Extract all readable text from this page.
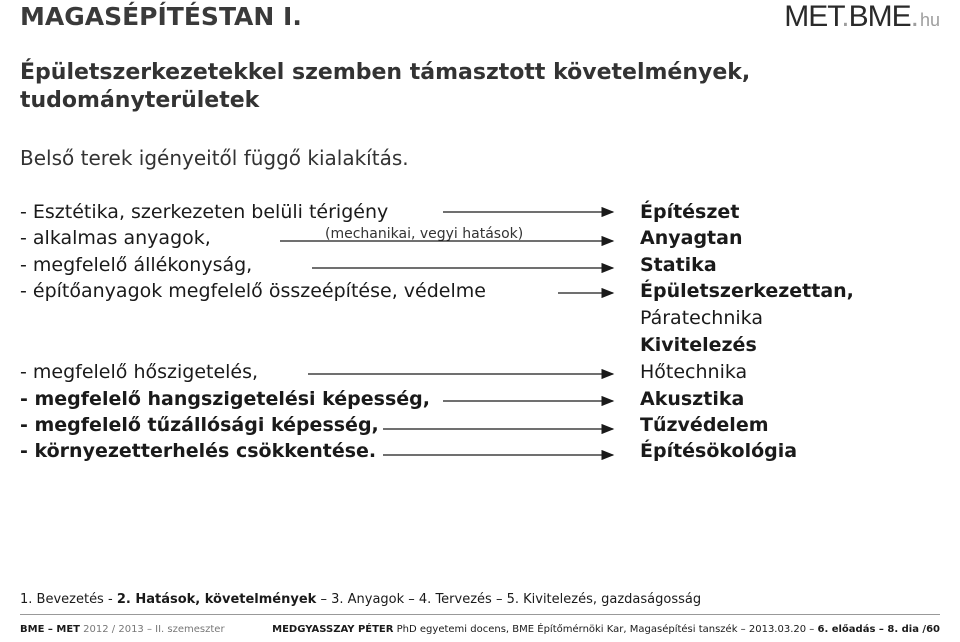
MAGASÉPÍTÉSTAN I.	MET.BME. hu
Épületszerkezetekkel szemben támasztott követelmények,
tudományterületek
Belső terek igényeitől függő kialakítás.
- Esztétika, szerkezeten belüli térigény
- alkalmas anyagok,
- megfelelő állékonyság,
- építőanyagok megfelelő összeépítése, védelme
- megfelelő hőszigetelés,
- megfelelő hangszigetelési képesség,
- megfelelő tűzállósági képesség,
- környezetterhelés csökkentése.
(mechanikai, vegyi hatások)
Építészet
Anyagtan
Statika
Épületszerkezettan,
Páratechnika
Kivitelezés
Hőtechnika
Akusztika
Tűzvédelem
Építésökológia
1. Bevezetés - 2. Hatások, követelmények – 3. Anyagok – 4. Tervezés – 5. Kivitelezés, gazdaságosság
BME – MET 2012 / 2013 – II. szemeszter	MEDGYASSZAY PÉTER PhD egyetemi docens, BME Építőmérnöki Kar, Magasépítési tanszék – 2013.03.20 – 6. előadás – 8. dia /60
